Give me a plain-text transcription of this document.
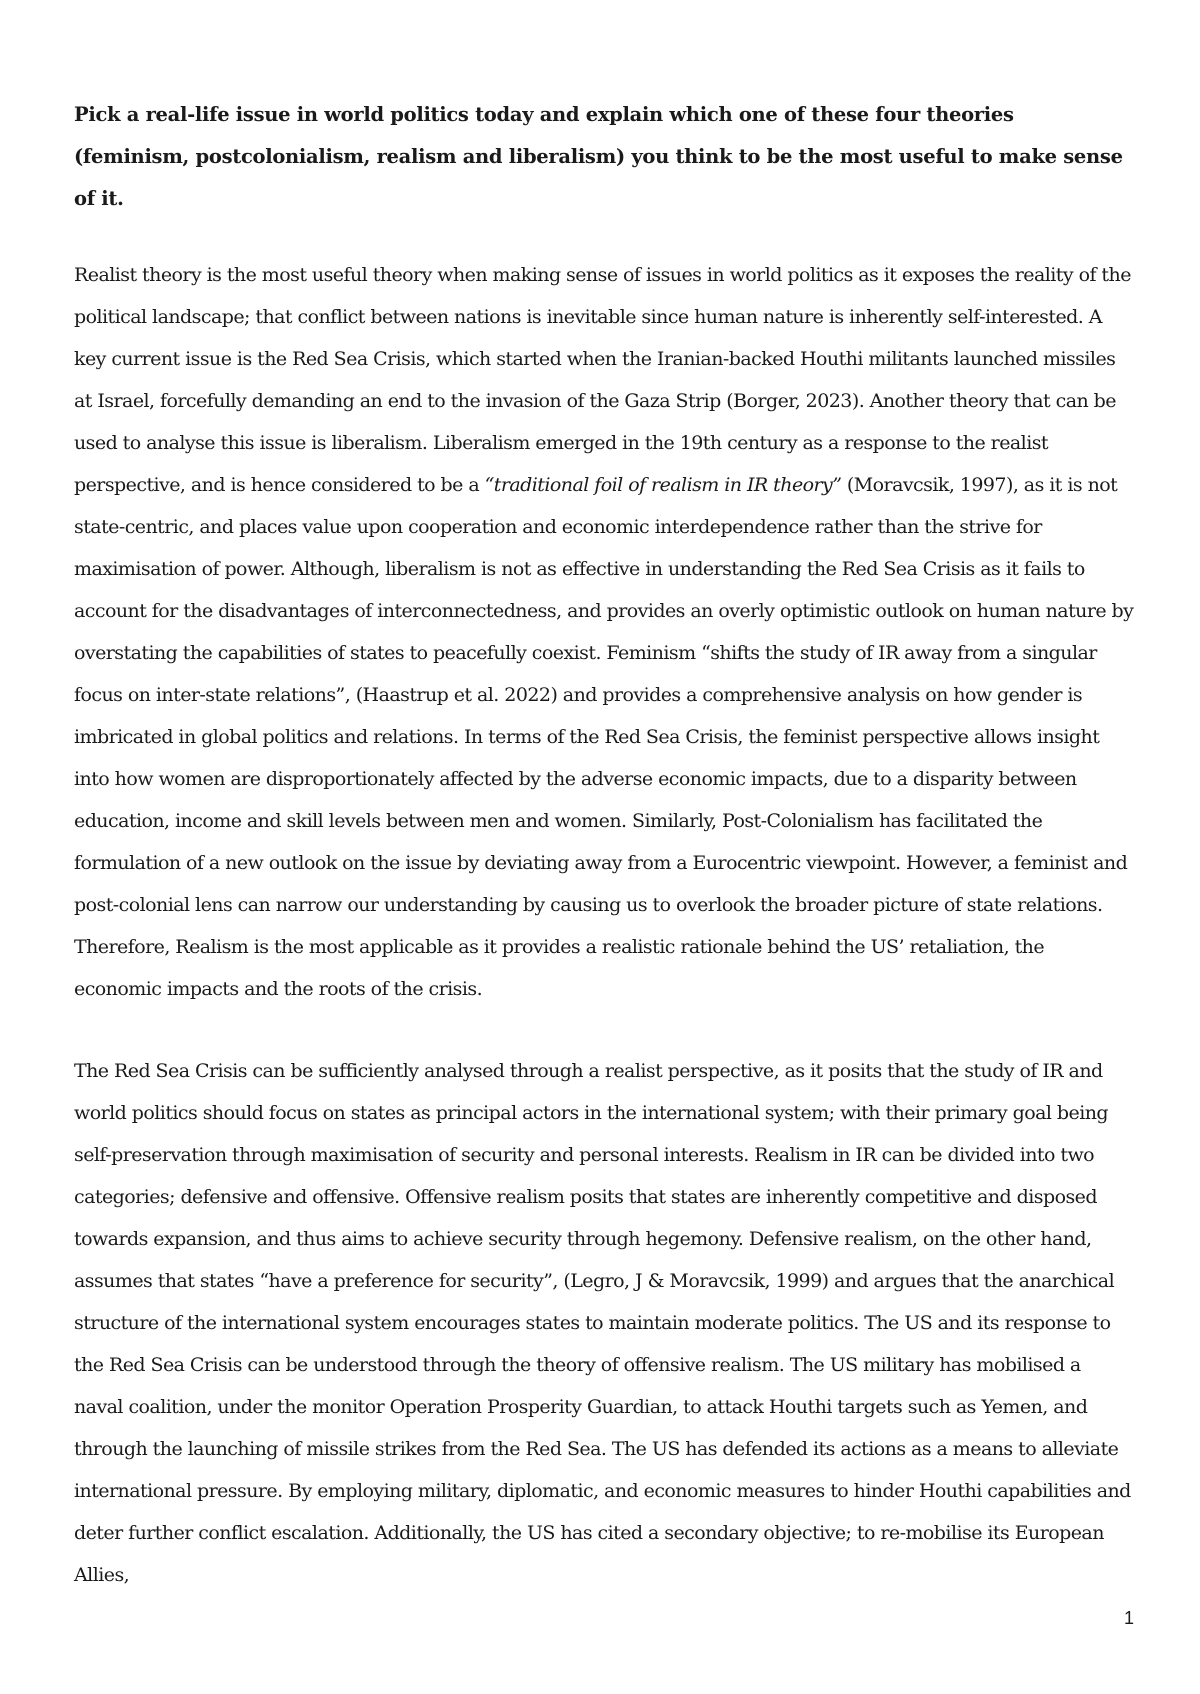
Pick a real-life issue in world politics today and explain which one of these four theories (feminism, postcolonialism, realism and liberalism) you think to be the most useful to make sense of it.

Realist theory is the most useful theory when making sense of issues in world politics as it exposes the reality of the political landscape; that conflict between nations is inevitable since human nature is inherently self-interested. A key current issue is the Red Sea Crisis, which started when the Iranian-backed Houthi militants launched missiles at Israel, forcefully demanding an end to the invasion of the Gaza Strip (Borger, 2023). Another theory that can be used to analyse this issue is liberalism. Liberalism emerged in the 19th century as a response to the realist perspective, and is hence considered to be a “traditional foil of realism in IR theory” (Moravcsik, 1997), as it is not state-centric, and places value upon cooperation and economic interdependence rather than the strive for maximisation of power. Although, liberalism is not as effective in understanding the Red Sea Crisis as it fails to account for the disadvantages of interconnectedness, and provides an overly optimistic outlook on human nature by overstating the capabilities of states to peacefully coexist. Feminism “shifts the study of IR away from a singular focus on inter-state relations”, (Haastrup et al. 2022) and provides a comprehensive analysis on how gender is imbricated in global politics and relations. In terms of the Red Sea Crisis, the feminist perspective allows insight into how women are disproportionately affected by the adverse economic impacts, due to a disparity between education, income and skill levels between men and women. Similarly, Post-Colonialism has facilitated the formulation of a new outlook on the issue by deviating away from a Eurocentric viewpoint. However, a feminist and post-colonial lens can narrow our understanding by causing us to overlook the broader picture of state relations. Therefore, Realism is the most applicable as it provides a realistic rationale behind the US’ retaliation, the economic impacts and the roots of the crisis.

The Red Sea Crisis can be sufficiently analysed through a realist perspective, as it posits that the study of IR and world politics should focus on states as principal actors in the international system; with their primary goal being self-preservation through maximisation of security and personal interests. Realism in IR can be divided into two categories; defensive and offensive. Offensive realism posits that states are inherently competitive and disposed towards expansion, and thus aims to achieve security through hegemony. Defensive realism, on the other hand, assumes that states “have a preference for security”, (Legro, J & Moravcsik, 1999) and argues that the anarchical structure of the international system encourages states to maintain moderate politics. The US and its response to the Red Sea Crisis can be understood through the theory of offensive realism. The US military has mobilised a naval coalition, under the monitor Operation Prosperity Guardian, to attack Houthi targets such as Yemen, and through the launching of missile strikes from the Red Sea. The US has defended its actions as a means to alleviate international pressure. By employing military, diplomatic, and economic measures to hinder Houthi capabilities and deter further conflict escalation. Additionally, the US has cited a secondary objective; to re-mobilise its European Allies,

1
